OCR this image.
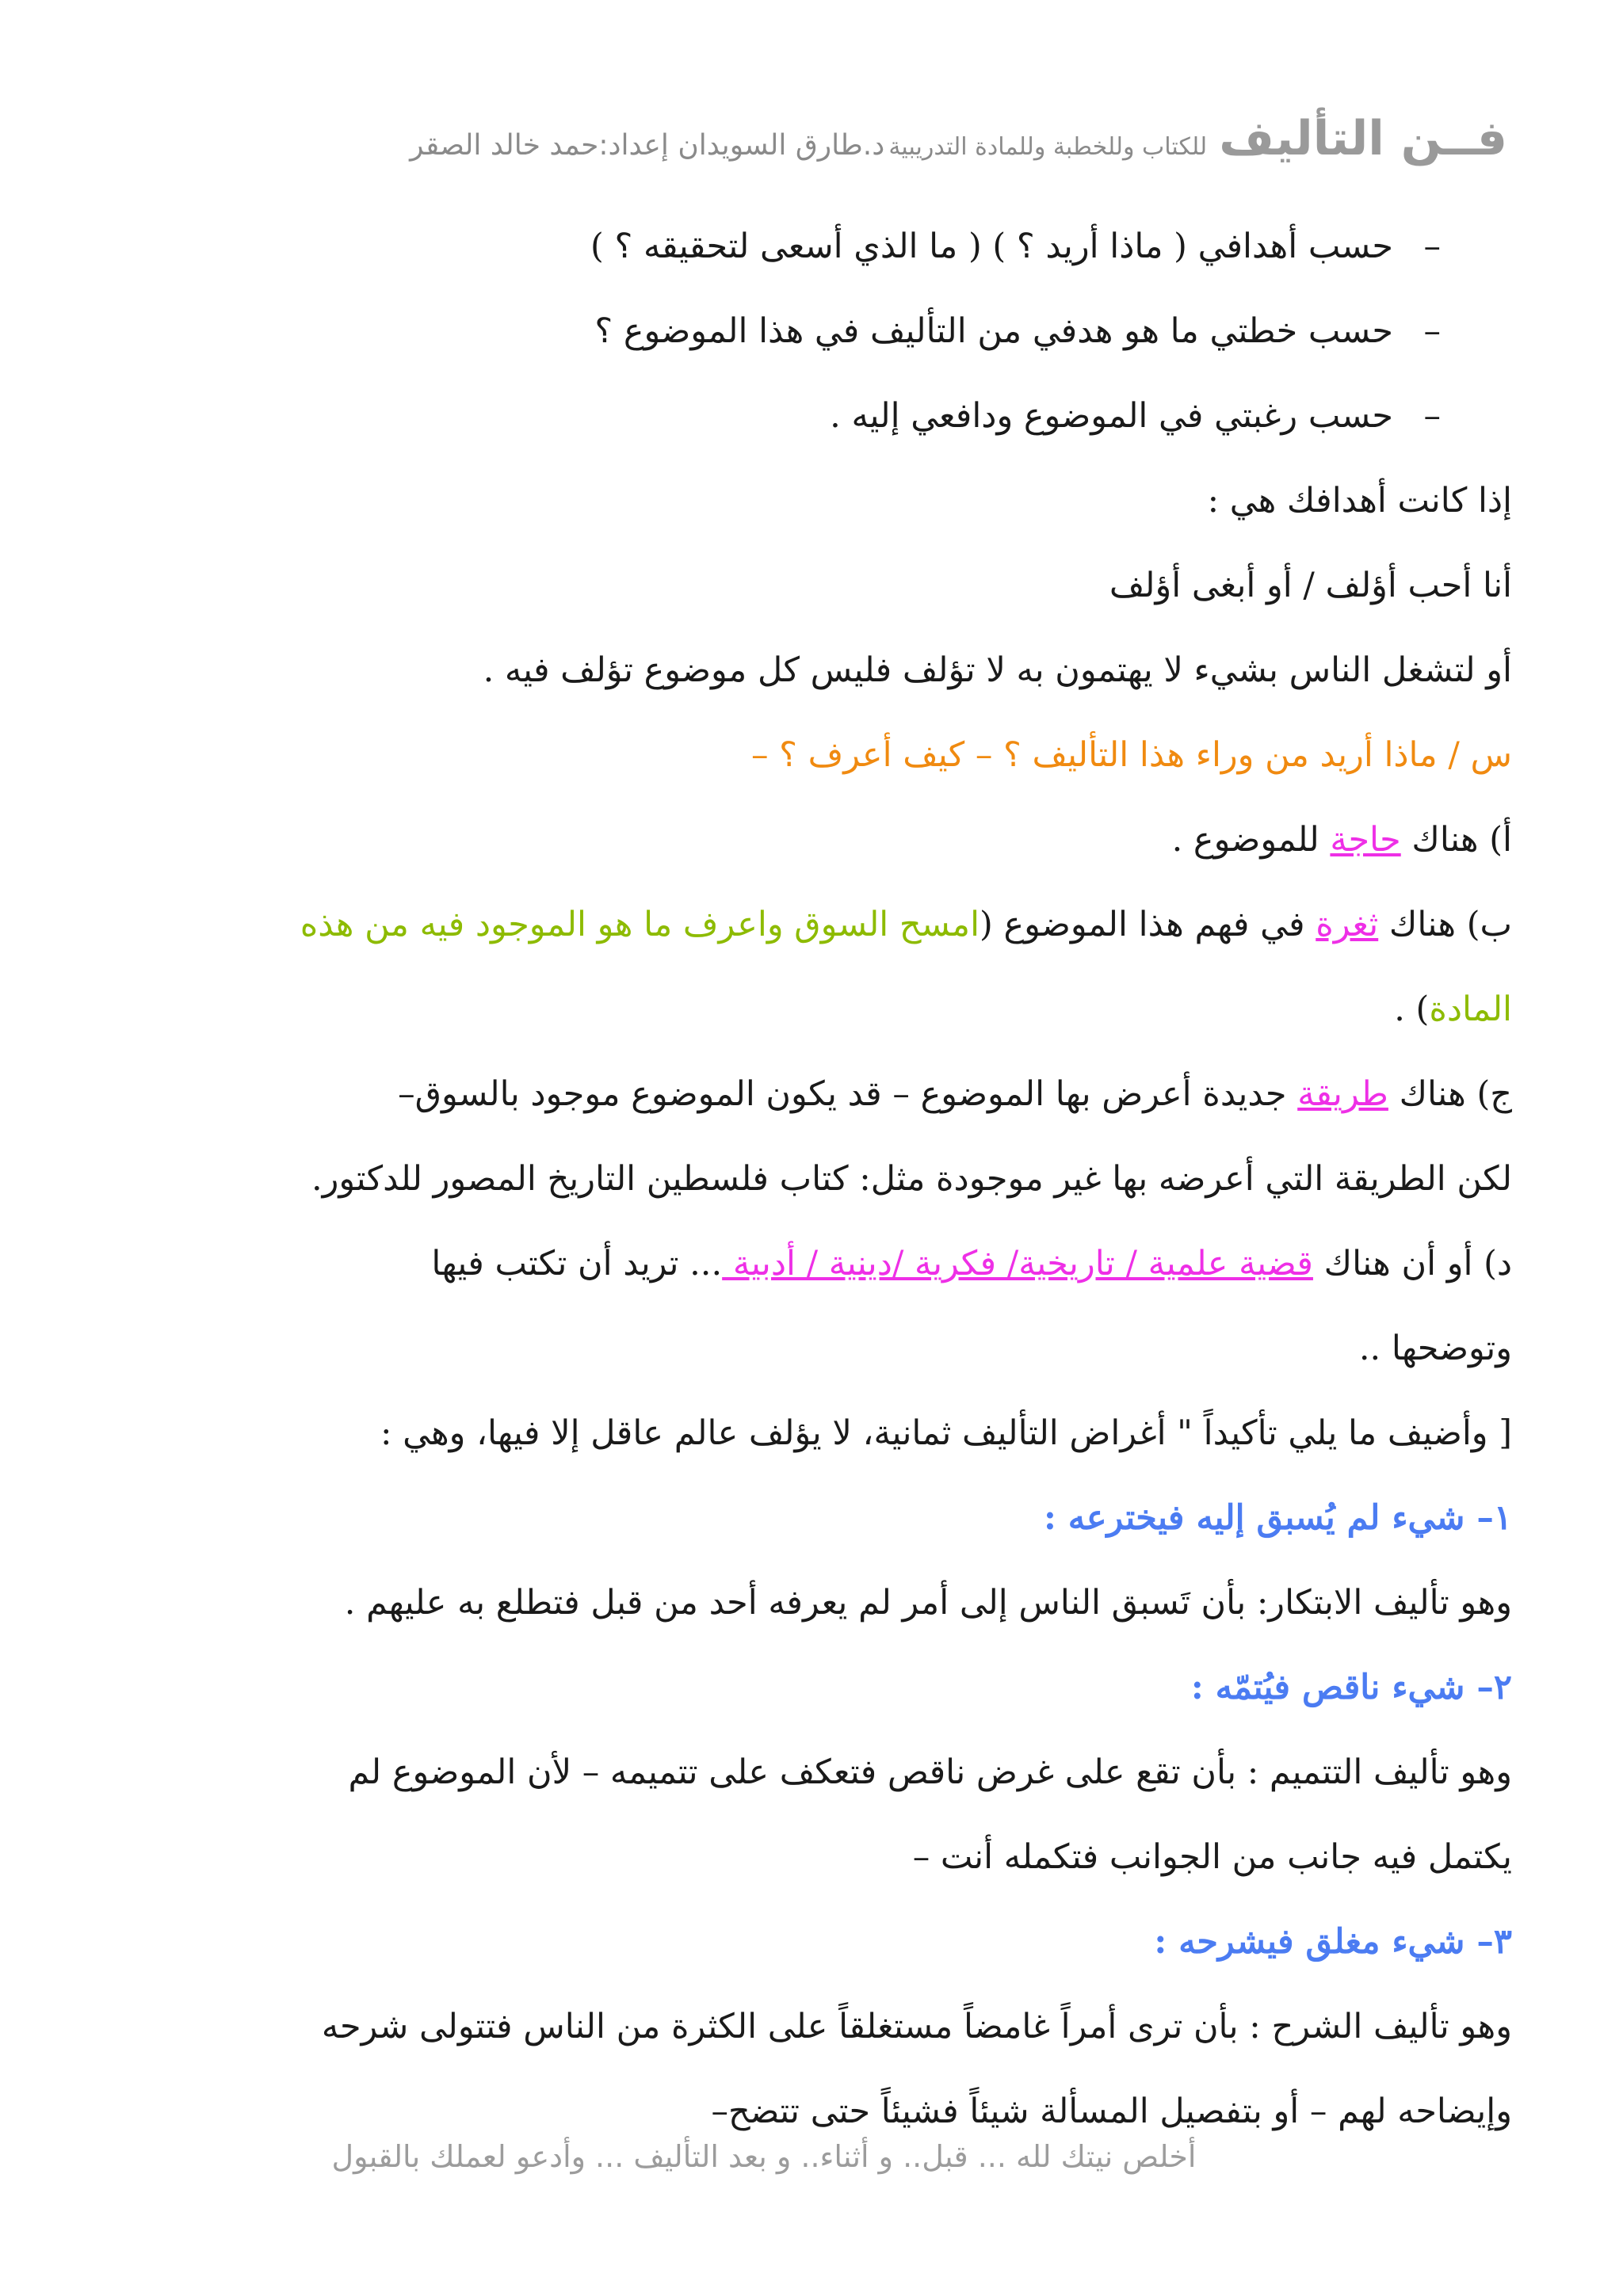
فــن التأليف للكتاب وللخطبة وللمادة التدريبية د.طارق السويدان إعداد:حمد خالد الصقر
–حسب أهدافي ( ماذا أريد ؟ ) ( ما الذي أسعى لتحقيقه ؟ )
–حسب خطتي ما هو هدفي من التأليف في هذا الموضوع ؟
–حسب رغبتي في الموضوع ودافعي إليه .
إذا كانت أهدافك هي :
أنا أحب أؤلف / أو أبغى أؤلف
أو لتشغل الناس بشيء لا يهتمون به لا تؤلف فليس كل موضوع تؤلف فيه .
س / ماذا أريد من وراء هذا التأليف ؟ – كيف أعرف ؟ –
أ) هناك حاجة للموضوع .
ب) هناك ثغرة في فهم هذا الموضوع (امسح السوق واعرف ما هو الموجود فيه من هذه
المادة) .
ج) هناك طريقة جديدة أعرض بها الموضوع – قد يكون الموضوع موجود بالسوق–
لكن الطريقة التي أعرضه بها غير موجودة مثل: كتاب فلسطين التاريخ المصور للدكتور.
د) أو أن هناك قضية علمية / تاريخية/ فكرية /دينية / أدبية ... تريد أن تكتب فيها
وتوضحها ..
[ وأضيف ما يلي تأكيداً " أغراض التأليف ثمانية، لا يؤلف عالم عاقل إلا فيها، وهي :
١– شيء لم يُسبق إليه فيخترعه :
وهو تأليف الابتكار: بأن تَسبق الناس إلى أمر لم يعرفه أحد من قبل فتطلع به عليهم .
٢– شيء ناقص فيُتمّه :
وهو تأليف التتميم : بأن تقع على غرض ناقص فتعكف على تتميمه – لأن الموضوع لم
يكتمل فيه جانب من الجوانب فتكمله أنت –
٣– شيء مغلق فيشرحه :
وهو تأليف الشرح : بأن ترى أمراً غامضاً مستغلقاً على الكثرة من الناس فتتولى شرحه
وإيضاحه لهم – أو بتفصيل المسألة شيئاً فشيئاً حتى تتضح–
أخلص نيتك لله ... قبل.. و أثناء.. و بعد التأليف ... وأدعو لعملك بالقبول
